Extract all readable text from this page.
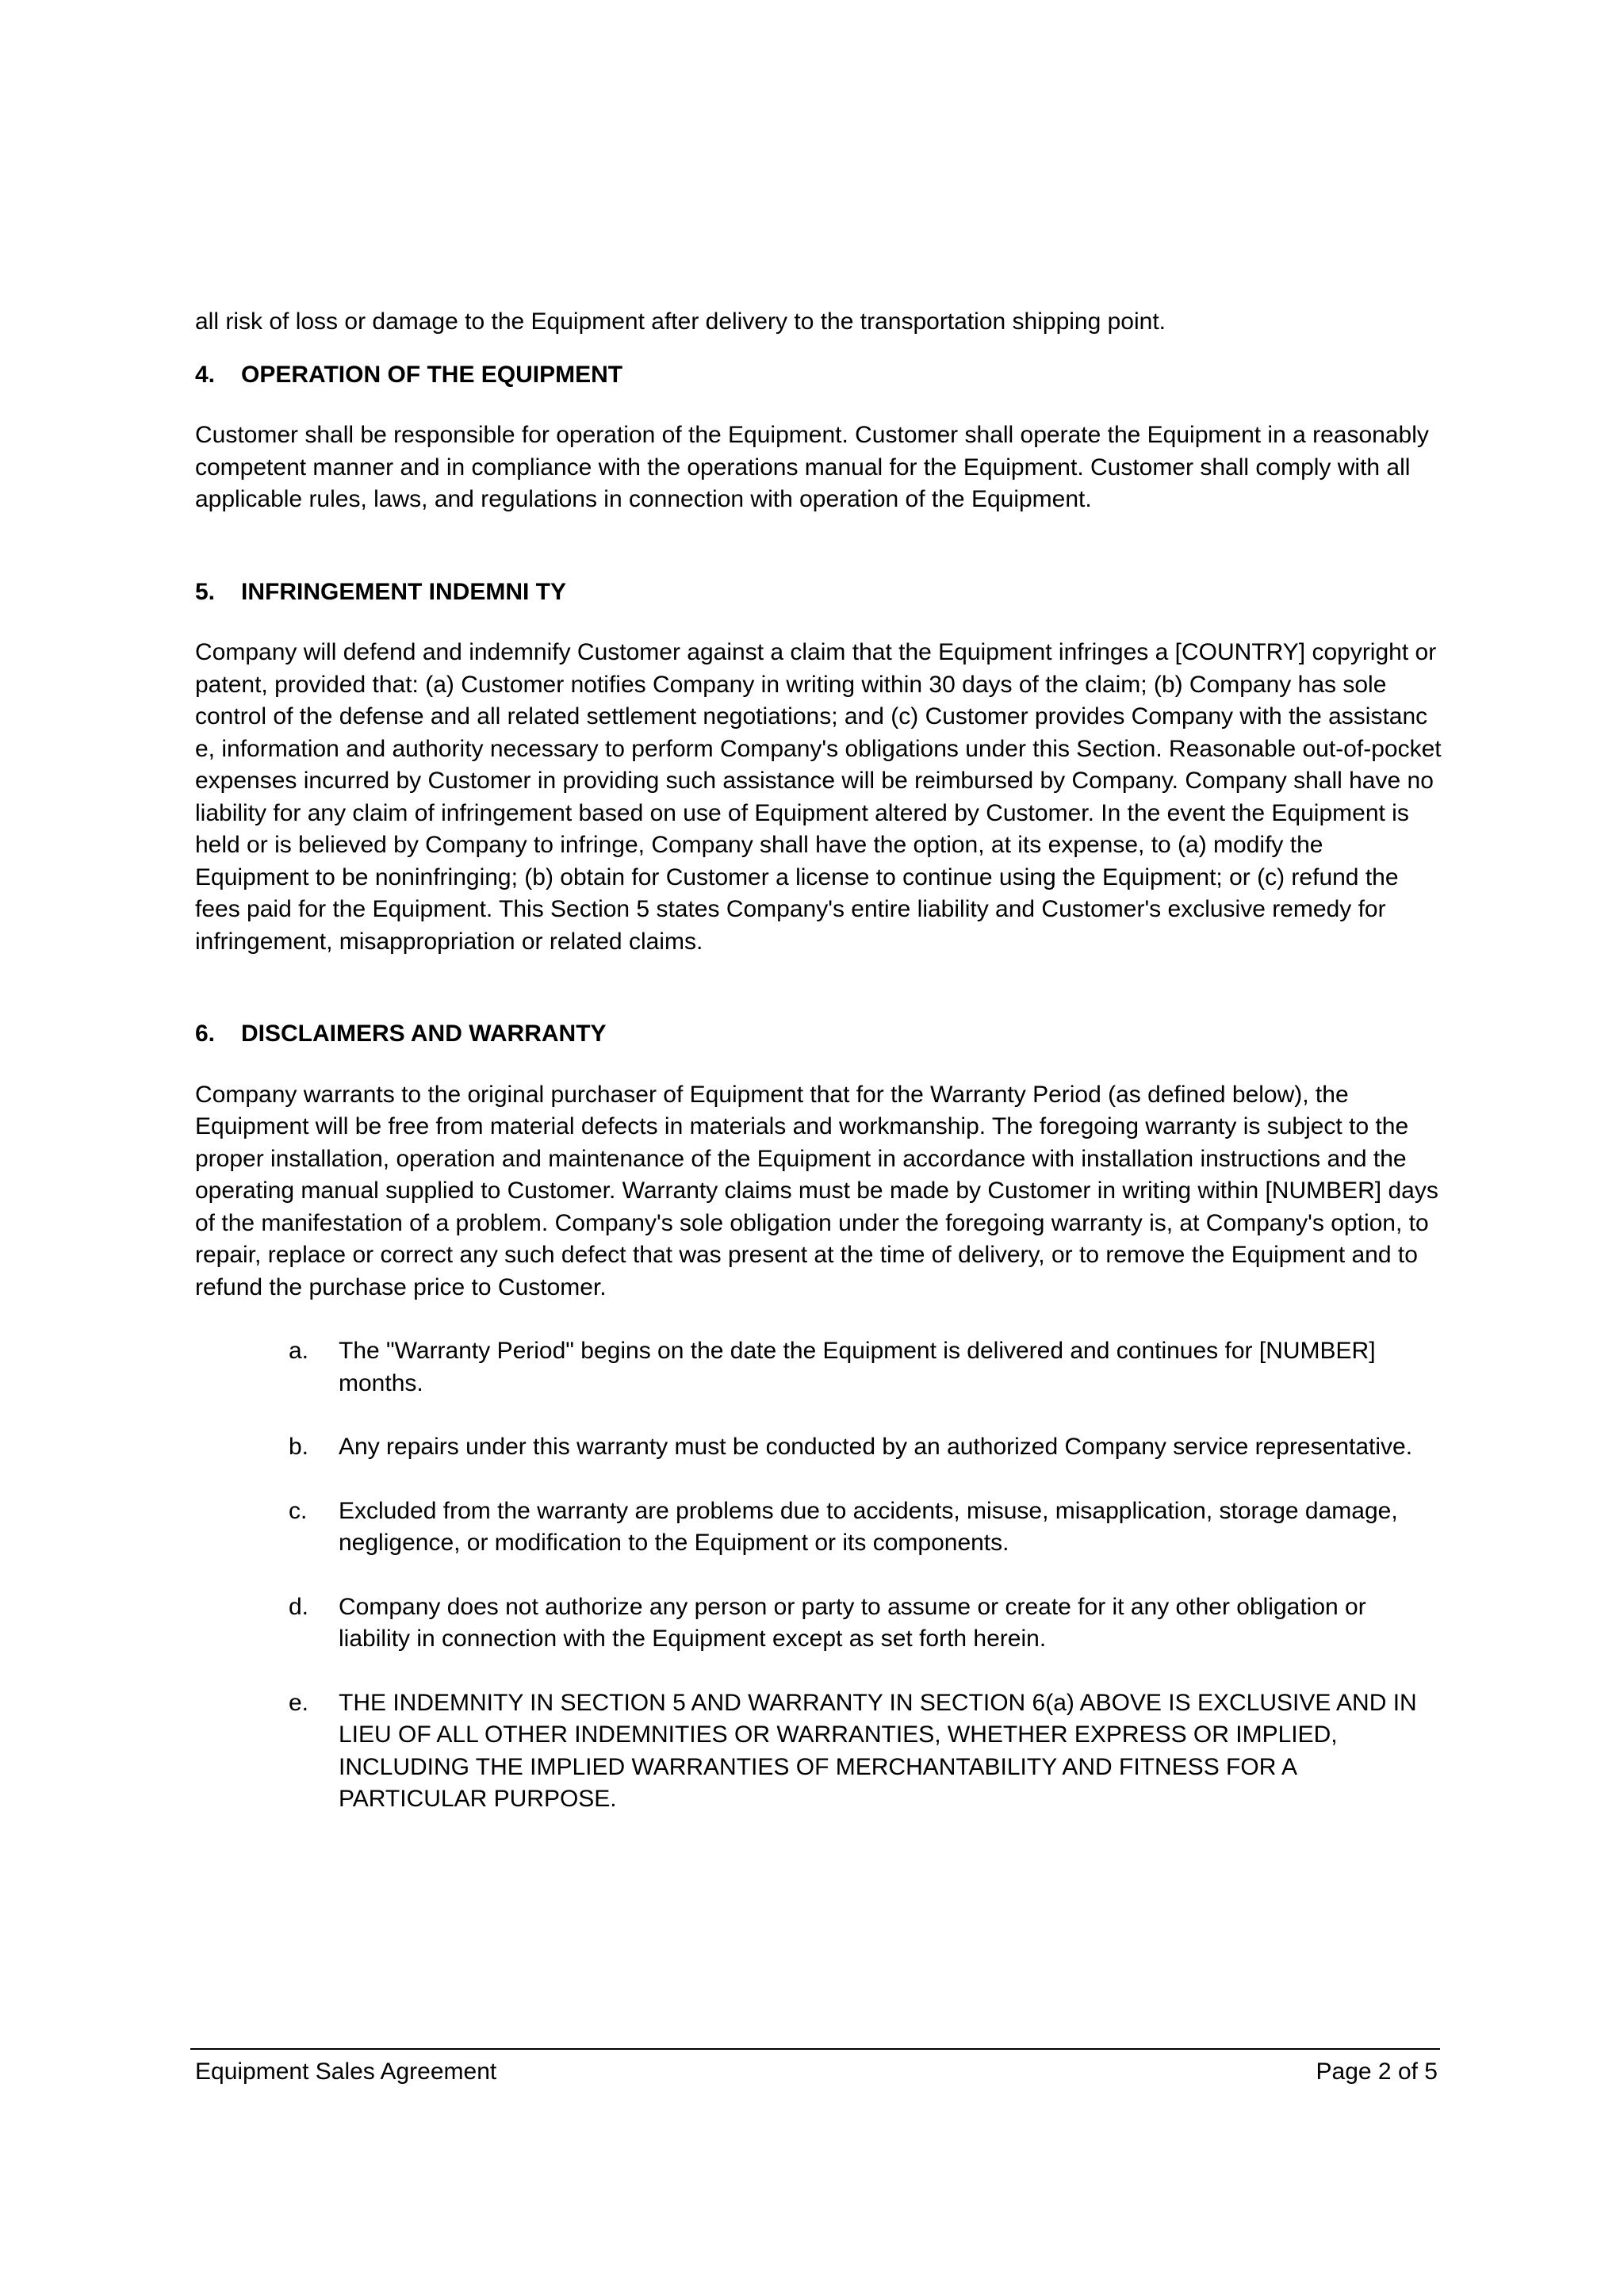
all risk of loss or damage to the Equipment after delivery to the transportation shipping point.

4.	OPERATION OF THE EQUIPMENT

Customer shall be responsible for operation of the Equipment. Customer shall operate the Equipment in a reasonably competent manner and in compliance with the operations manual for the Equipment. Customer shall comply with all applicable rules, laws, and regulations in connection with operation of the Equipment.

5.	INFRINGEMENT INDEMNI TY

Company will defend and indemnify Customer against a claim that the Equipment infringes a [COUNTRY] copyright or patent, provided that: (a) Customer notifies Company in writing within 30 days of the claim; (b) Company has sole control of the defense and all related settlement negotiations; and (c) Customer provides Company with the assistanc e, information and authority necessary to perform Company's obligations under this Section. Reasonable out-of-pocket expenses incurred by Customer in providing such assistance will be reimbursed by Company. Company shall have no liability for any claim of infringement based on use of Equipment altered by Customer. In the event the Equipment is held or is believed by Company to infringe, Company shall have the option, at its expense, to (a) modify the Equipment to be noninfringing; (b) obtain for Customer a license to continue using the Equipment; or (c) refund the fees paid for the Equipment. This Section 5 states Company's entire liability and Customer's exclusive remedy for infringement, misappropriation or related claims.

6.	DISCLAIMERS AND WARRANTY

Company warrants to the original purchaser of Equipment that for the Warranty Period (as defined below), the Equipment will be free from material defects in materials and workmanship. The foregoing warranty is subject to the proper installation, operation and maintenance of the Equipment in accordance with installation instructions and the operating manual supplied to Customer. Warranty claims must be made by Customer in writing within [NUMBER] days of the manifestation of a problem. Company's sole obligation under the foregoing warranty is, at Company's option, to repair, replace or correct any such defect that was present at the time of delivery, or to remove the Equipment and to refund the purchase price to Customer.

a. The "Warranty Period" begins on the date the Equipment is delivered and continues for [NUMBER] months.
b. Any repairs under this warranty must be conducted by an authorized Company service representative.
c. Excluded from the warranty are problems due to accidents, misuse, misapplication, storage damage, negligence, or modification to the Equipment or its components.
d. Company does not authorize any person or party to assume or create for it any other obligation or liability in connection with the Equipment except as set forth herein.
e. THE INDEMNITY IN SECTION 5 AND WARRANTY IN SECTION 6(a) ABOVE IS EXCLUSIVE AND IN LIEU OF ALL OTHER INDEMNITIES OR WARRANTIES, WHETHER EXPRESS OR IMPLIED, INCLUDING THE IMPLIED WARRANTIES OF MERCHANTABILITY AND FITNESS FOR A PARTICULAR PURPOSE.
Equipment Sales Agreement	Page 2 of 5
